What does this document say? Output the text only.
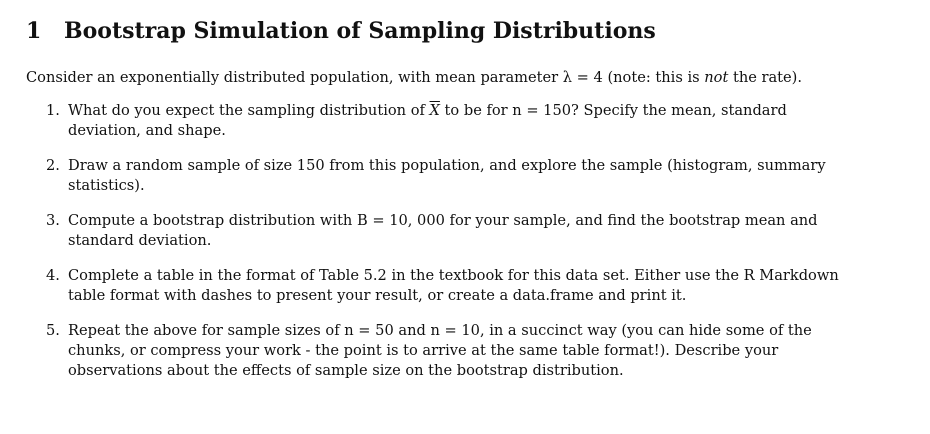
1 Bootstrap Simulation of Sampling Distributions

Consider an exponentially distributed population, with mean parameter λ = 4 (note: this is not the rate).

1. What do you expect the sampling distribution of $\overline{X}$ to be for n = 150? Specify the mean, standard deviation, and shape.
2. Draw a random sample of size 150 from this population, and explore the sample (histogram, summary statistics).
3. Compute a bootstrap distribution with B = 10, 000 for your sample, and find the bootstrap mean and standard deviation.
4. Complete a table in the format of Table 5.2 in the textbook for this data set. Either use the R Markdown table format with dashes to present your result, or create a data.frame and print it.
5. Repeat the above for sample sizes of n = 50 and n = 10, in a succinct way (you can hide some of the chunks, or compress your work - the point is to arrive at the same table format!). Describe your observations about the effects of sample size on the bootstrap distribution.
